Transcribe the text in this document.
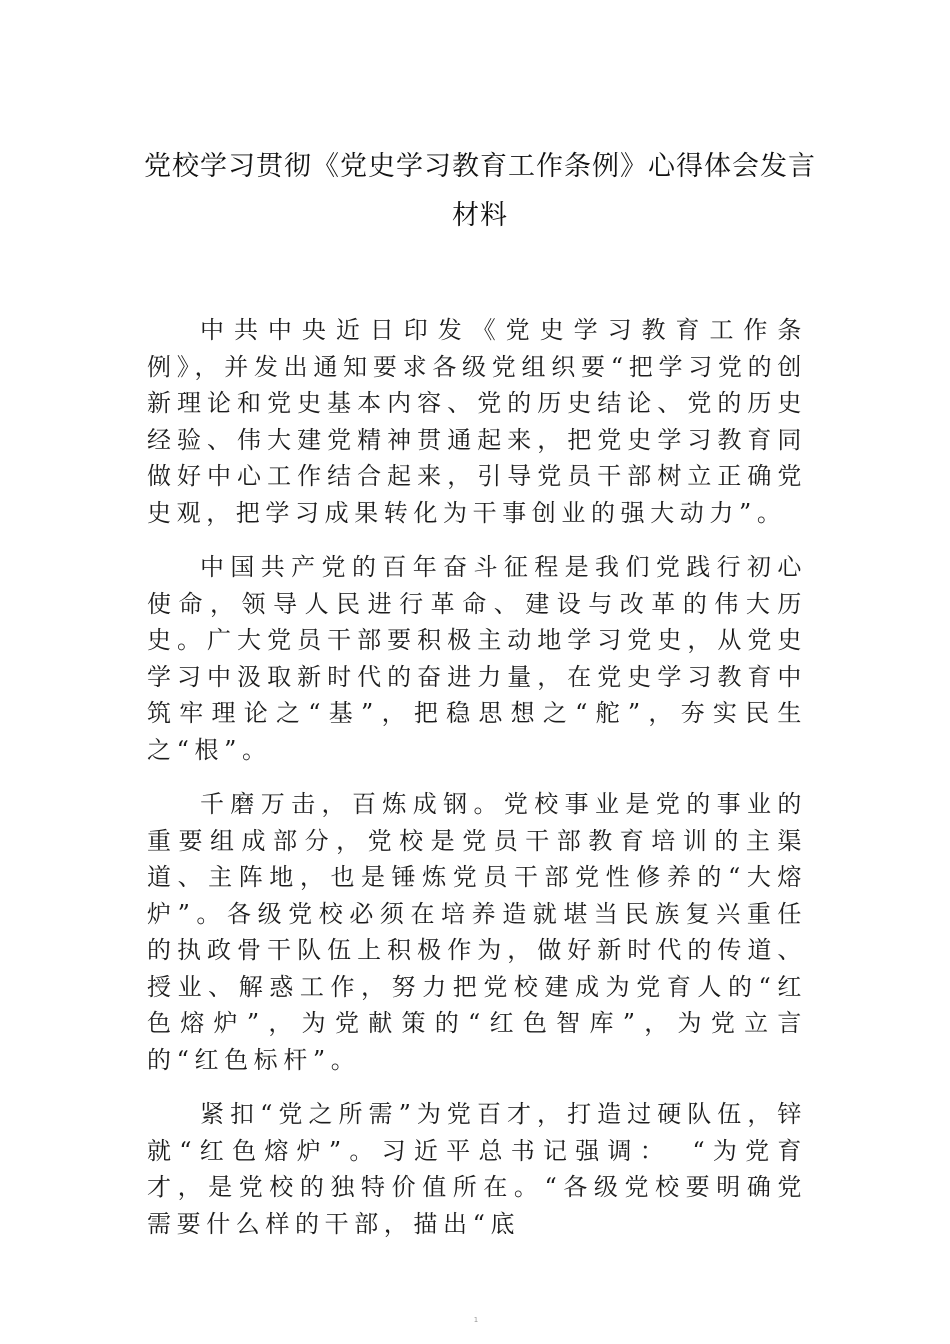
党校学习贯彻《党史学习教育工作条例》心得体会发言
材料

中共中央近日印发《党史学习教育工作条例》，并发出通知要求各级党组织要“把学习党的创新理论和党史基本内容、党的历史结论、党的历史经验、伟大建党精神贯通起来，把党史学习教育同做好中心工作结合起来，引导党员干部树立正确党史观，把学习成果转化为干事创业的强大动力”。

中国共产党的百年奋斗征程是我们党践行初心使命，领导人民进行革命、建设与改革的伟大历史。广大党员干部要积极主动地学习党史，从党史学习中汲取新时代的奋进力量，在党史学习教育中筑牢理论之“基”，把稳思想之“舵”，夯实民生之“根”。

千磨万击，百炼成钢。党校事业是党的事业的重要组成部分，党校是党员干部教育培训的主渠道、主阵地，也是锤炼党员干部党性修养的“大熔炉”。各级党校必须在培养造就堪当民族复兴重任的执政骨干队伍上积极作为，做好新时代的传道、授业、解惑工作，努力把党校建成为党育人的“红色熔炉”，为党献策的“红色智库”，为党立言的“红色标杆”。

紧扣“党之所需”为党百才，打造过硬队伍，锌就“红色熔炉”。习近平总书记强调：　“为党育才，是党校的独特价值所在。“各级党校要明确党需要什么样的干部，描出“底

1
